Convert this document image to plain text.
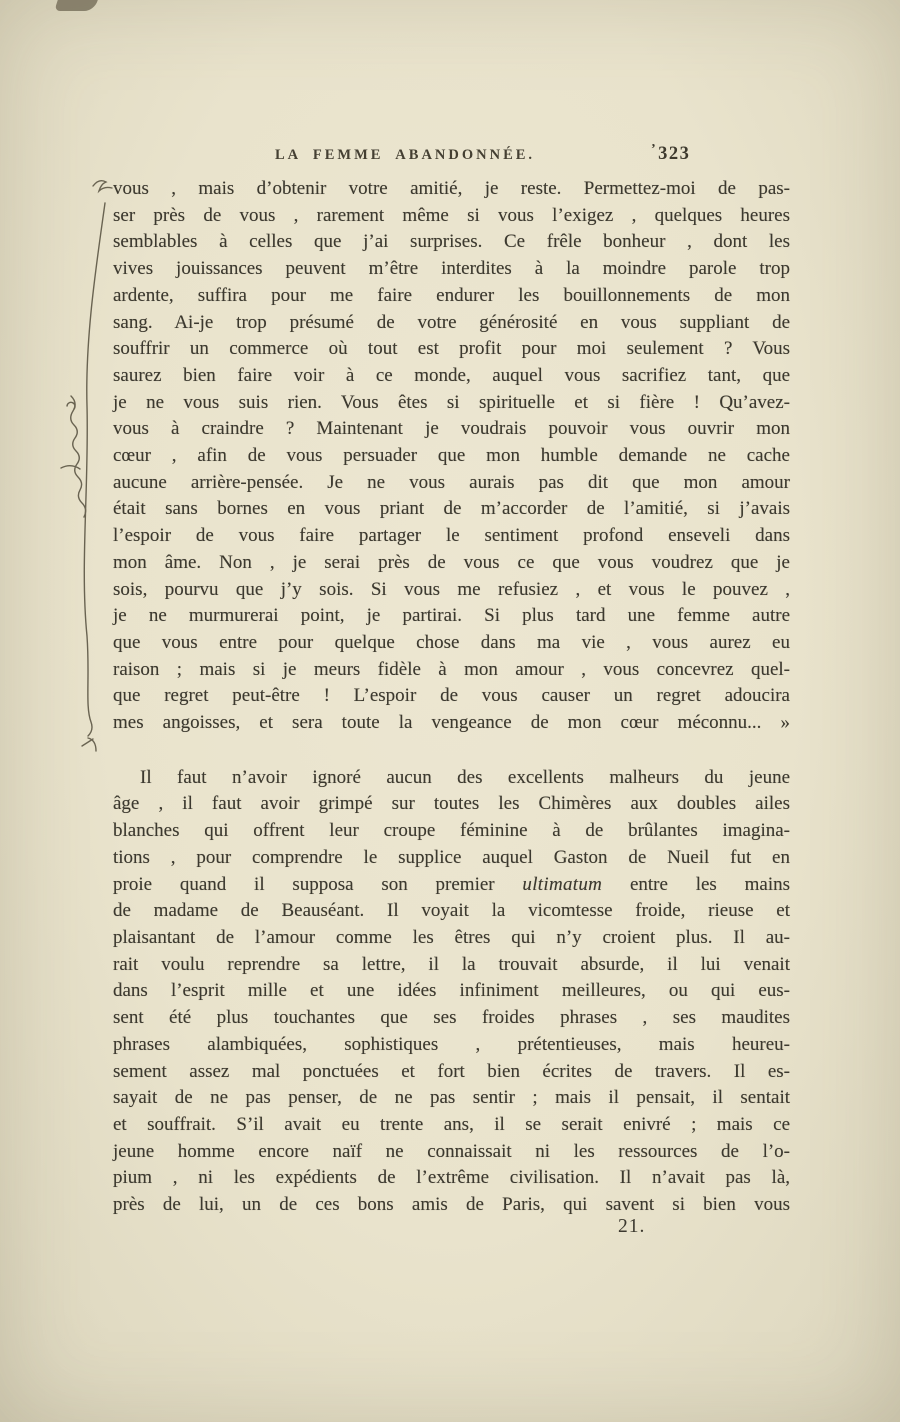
LA FEMME ABANDONNÉE.	’323
vous , mais d’obtenir votre amitié, je reste. Permettez-moi de pas-
ser près de vous , rarement même si vous l’exigez , quelques heures
semblables à celles que j’ai surprises. Ce frêle bonheur , dont les
vives jouissances peuvent m’être interdites à la moindre parole trop
ardente, suffira pour me faire endurer les bouillonnements de mon
sang. Ai-je trop présumé de votre générosité en vous suppliant de
souffrir un commerce où tout est profit pour moi seulement ? Vous
saurez bien faire voir à ce monde, auquel vous sacrifiez tant, que
je ne vous suis rien. Vous êtes si spirituelle et si fière ! Qu’avez-
vous à craindre ? Maintenant je voudrais pouvoir vous ouvrir mon
cœur , afin de vous persuader que mon humble demande ne cache
aucune arrière-pensée. Je ne vous aurais pas dit que mon amour
était sans bornes en vous priant de m’accorder de l’amitié, si j’avais
l’espoir de vous faire partager le sentiment profond enseveli dans
mon âme. Non , je serai près de vous ce que vous voudrez que je
sois, pourvu que j’y sois. Si vous me refusiez , et vous le pouvez ,
je ne murmurerai point, je partirai. Si plus tard une femme autre
que vous entre pour quelque chose dans ma vie , vous aurez eu
raison ; mais si je meurs fidèle à mon amour , vous concevrez quel-
que regret peut-être ! L’espoir de vous causer un regret adoucira
mes angoisses, et sera toute la vengeance de mon cœur méconnu... »
Il faut n’avoir ignoré aucun des excellents malheurs du jeune
âge , il faut avoir grimpé sur toutes les Chimères aux doubles ailes
blanches qui offrent leur croupe féminine à de brûlantes imagina-
tions , pour comprendre le supplice auquel Gaston de Nueil fut en
proie quand il supposa son premier ultimatum entre les mains
de madame de Beauséant. Il voyait la vicomtesse froide, rieuse et
plaisantant de l’amour comme les êtres qui n’y croient plus. Il au-
rait voulu reprendre sa lettre, il la trouvait absurde, il lui venait
dans l’esprit mille et une idées infiniment meilleures, ou qui eus-
sent été plus touchantes que ses froides phrases , ses maudites
phrases alambiquées, sophistiques , prétentieuses, mais heureu-
sement assez mal ponctuées et fort bien écrites de travers. Il es-
sayait de ne pas penser, de ne pas sentir ; mais il pensait, il sentait
et souffrait. S’il avait eu trente ans, il se serait enivré ; mais ce
jeune homme encore naïf ne connaissait ni les ressources de l’o-
pium , ni les expédients de l’extrême civilisation. Il n’avait pas là,
près de lui, un de ces bons amis de Paris, qui savent si bien vous
21.
